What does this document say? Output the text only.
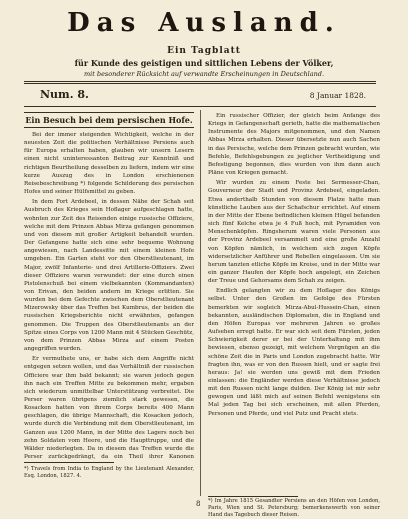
Das Ausland.
Ein Tagblatt
für Kunde des geistigen und sittlichen Lebens der Völker,
mit besonderer Rücksicht auf verwandte Erscheinungen in Deutschland.
Num. 8.	8 Januar 1828.
Ein Besuch bei dem persischen Hofe.

Bei der immer steigenden Wichtigkeit, welche in der neuesten Zeit die politischen Verhältnisse Persiens auch für Europa erhalten haben, glauben wir unsern Lesern einen nicht uninteressanten Beitrag zur Kenntniß und richtigen Beurtheilung desselben zu liefern, indem wir eine kurze Auszug des in London erschienenen Reisebeschreibung *) folgende Schilderung des persischen Hofes und seiner Hülfsmittel zu geben.

In dem Fort Ardebeel, in dessen Nähe der Schah seit Ausbruch des Krieges sein Hoflager aufgeschlagen hatte, wohnten zur Zeit des Reisenden einige russische Offiziere, welche mit dem Prinzen Abbas Mirza gefangen genommen und von diesem mit großer Artigkeit behandelt wurden. Der Gefangene hatte sich eine sehr bequeme Wohnung angewiesen, nach Landessitte mit einem kleinen Hofe umgeben. Ein Garten steht vor den Oberstlieutenant, im Major, zwölf Infanterie- und drei Artillerie-Offiziers. Zwei dieser Offiziere waren verwundet: der eine durch einen Pistolenschuß bei einem vielbekannten (Kommandanten) von Erivan, den beiden andern im Kriege erlitten. Sie wurden bei dem Gefechte zwischen dem Oberstlieutenant Mizerowsky über das Treffen bei Kumbrus, der beiden die russischen Kriegsberichte nicht erwähnten, gefangen genommen. Die Truppen des Oberstlieutenants an der Spitze eines Corps von 1200 Mann mit 4 Stücken Geschütz, von dem Prinzen Abbas Mirza auf einem Posten angegriffen wurden.

Er vermuthete uns, er habe sich dem Angriffe nicht entgegen setzen wollen, und das Verhältniß der russischen Officiere war ihm bald bekannt; sie waren jedoch gegen ihn nach ein Treffen Mitte zu bekommen mehr, ergaben sich wiederum unmittelbar Unterstützung verbreitet. Die Perser waren übrigens ziemlich stark gewesen, die Kosacken hatten von ihrem Corps bereits 400 Mann geschlagen, die übrige Mannschaft, die Kosacken jedoch, wurde durch die Verbindung mit dem Oberstlieutenant, im Ganzen aus 1200 Mann, in der Mitte des Lagers noch bei zehn Soldaten vom Heere, und die Haupttruppe, und die Wälder niederlegten. Da in diesem das Treffen wurde die Perser zurückgedrängt, da ein Theil ihrer Kanonen

Ein russischer Offizier, der gleich beim Anfange des Kriegs in Gefangenschaft gerieth, hatte die mathematischen Instrumente des Majors mitgenommen, und den Namen Abbas Mirza erhalten. Dieser übersetzte nun auch Sachen in das Persische, welche dem Prinzen gebracht wurden, wie Befehle, Befehlsgebungen zu jeglicher Vertheidigung und Befestigung begonnen, dies wurden von ihm dann auch Pläne von Kriegen gemacht.

Wir wurden zu einem Feste bei Sermesser-Chan, Gouverneur der Stadt und Provinz Ardebeel, eingeladen. Etwa anderthalb Stunden von diesem Platze hatte man künstliche Lauben aus der Schafschur errichtet. Auf einem in der Mitte der Ebene befindlichen kleinen Hügel befanden sich fünf Kelche etwa je 4 Fuß hoch, mit Pyramiden von Menschenköpfen. Ringsherum waren viele Personen aus der Provinz Ardebeel versammelt und eine große Anzahl von Köpfen nämlich, in welchem sich zogen Köpfe widersetzlicher Anführer und Rebellen eingelassen. Um sie herum tanzten etliche Köpfe im Kreise, und in der Mitte war ein ganzer Haufen der Köpfe hoch angelegt, ein Zeichen der Treue und Gehorsams dem Schah zu zeigen.

Endlich gelangten wir zu dem Hoflager des Königs selbst. Unter den Großen im Gefolge des Fürsten bemerkten wir sogleich Mirza-Abul-Hussein-Chan, einen bekannten, ausländischen Diplomaten, die in England und den Höfen Europas vor mehreren Jahren so großes Aufsehen erregt hatte. Er war sich seit dem Fürsten, jeden Schwierigkeit derer er bei der Unterhaltung mit ihm bewiesen, ebenso gezeigt, mit welchem Vergnügen an die schöne Zeit die in Paris und London zugebracht hatte. Wir fragten ihn, was er von den Russen hielt, und er sagte frei heraus: Ja! sie werden uns gewiß mit dem Frieden einlassen: die Engländer werden diese Verhältnisse jedoch mit den Russen nicht lange dulden. Der König ist mir sehr gewogen und läßt mich auf seinen Befehl wenigstens ein Mal jeden Tag bei sich erscheinen, mit allen Pferden, Personen und Pferde, und viel Putz und Pracht stets.

*) Travels from India to England by the Lieutenant Alexander, Esq. London, 1827. 4.
*) Im Jahre 1815 Gesandter Persiens an den Höfen von London, Paris, Wien und St. Petersburg; bemerkenswerth von seiner Hand das Tagebuch dieser Reisen.
8
